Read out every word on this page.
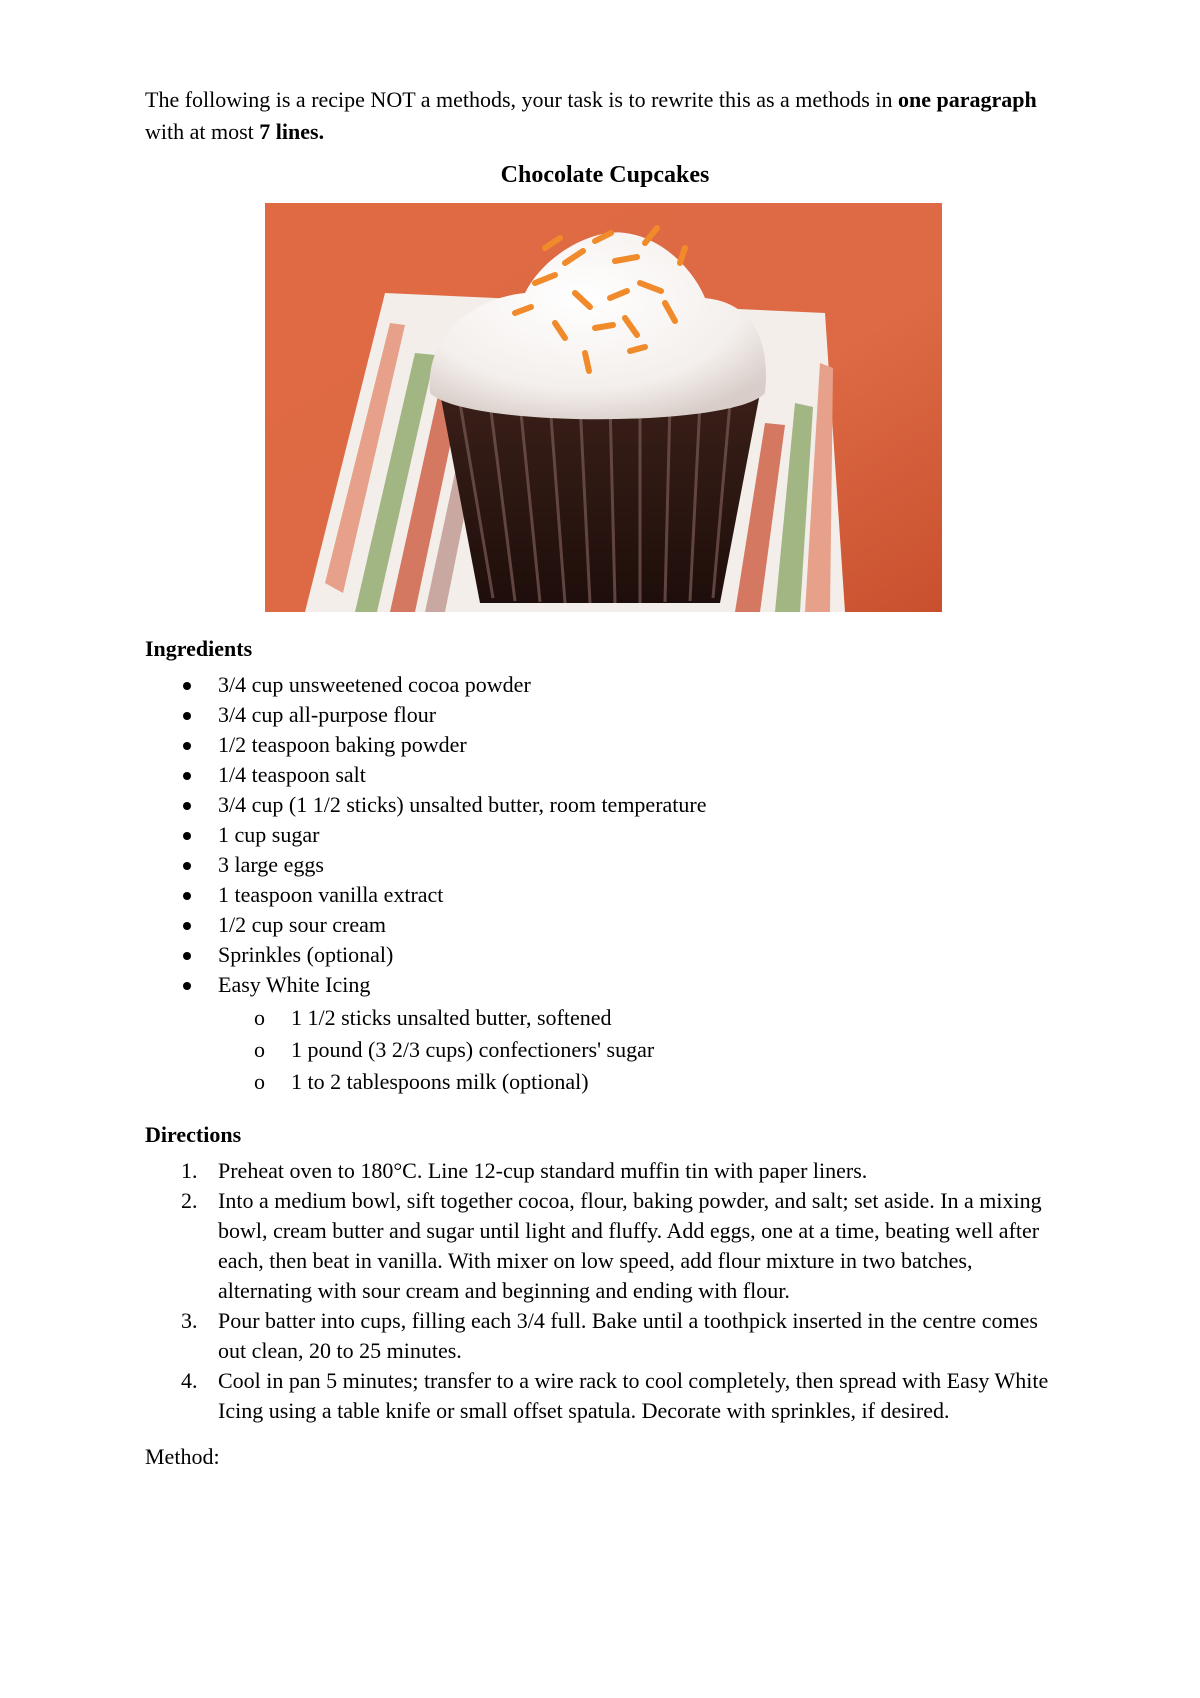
The following is a recipe NOT a methods, your task is to rewrite this as a methods in one paragraph with at most 7 lines.

Chocolate Cupcakes
Ingredients
3/4 cup unsweetened cocoa powder
3/4 cup all-purpose flour
1/2 teaspoon baking powder
1/4 teaspoon salt
3/4 cup (1 1/2 sticks) unsalted butter, room temperature
1 cup sugar
3 large eggs
1 teaspoon vanilla extract
1/2 cup sour cream
Sprinkles (optional)
Easy White Icing
o 1 1/2 sticks unsalted butter, softened
o 1 pound (3 2/3 cups) confectioners' sugar
o 1 to 2 tablespoons milk (optional)
Directions
1. Preheat oven to 180°C. Line 12-cup standard muffin tin with paper liners.
2. Into a medium bowl, sift together cocoa, flour, baking powder, and salt; set aside. In a mixing bowl, cream butter and sugar until light and fluffy. Add eggs, one at a time, beating well after each, then beat in vanilla. With mixer on low speed, add flour mixture in two batches, alternating with sour cream and beginning and ending with flour.
3. Pour batter into cups, filling each 3/4 full. Bake until a toothpick inserted in the centre comes out clean, 20 to 25 minutes.
4. Cool in pan 5 minutes; transfer to a wire rack to cool completely, then spread with Easy White Icing using a table knife or small offset spatula. Decorate with sprinkles, if desired.

Method:
